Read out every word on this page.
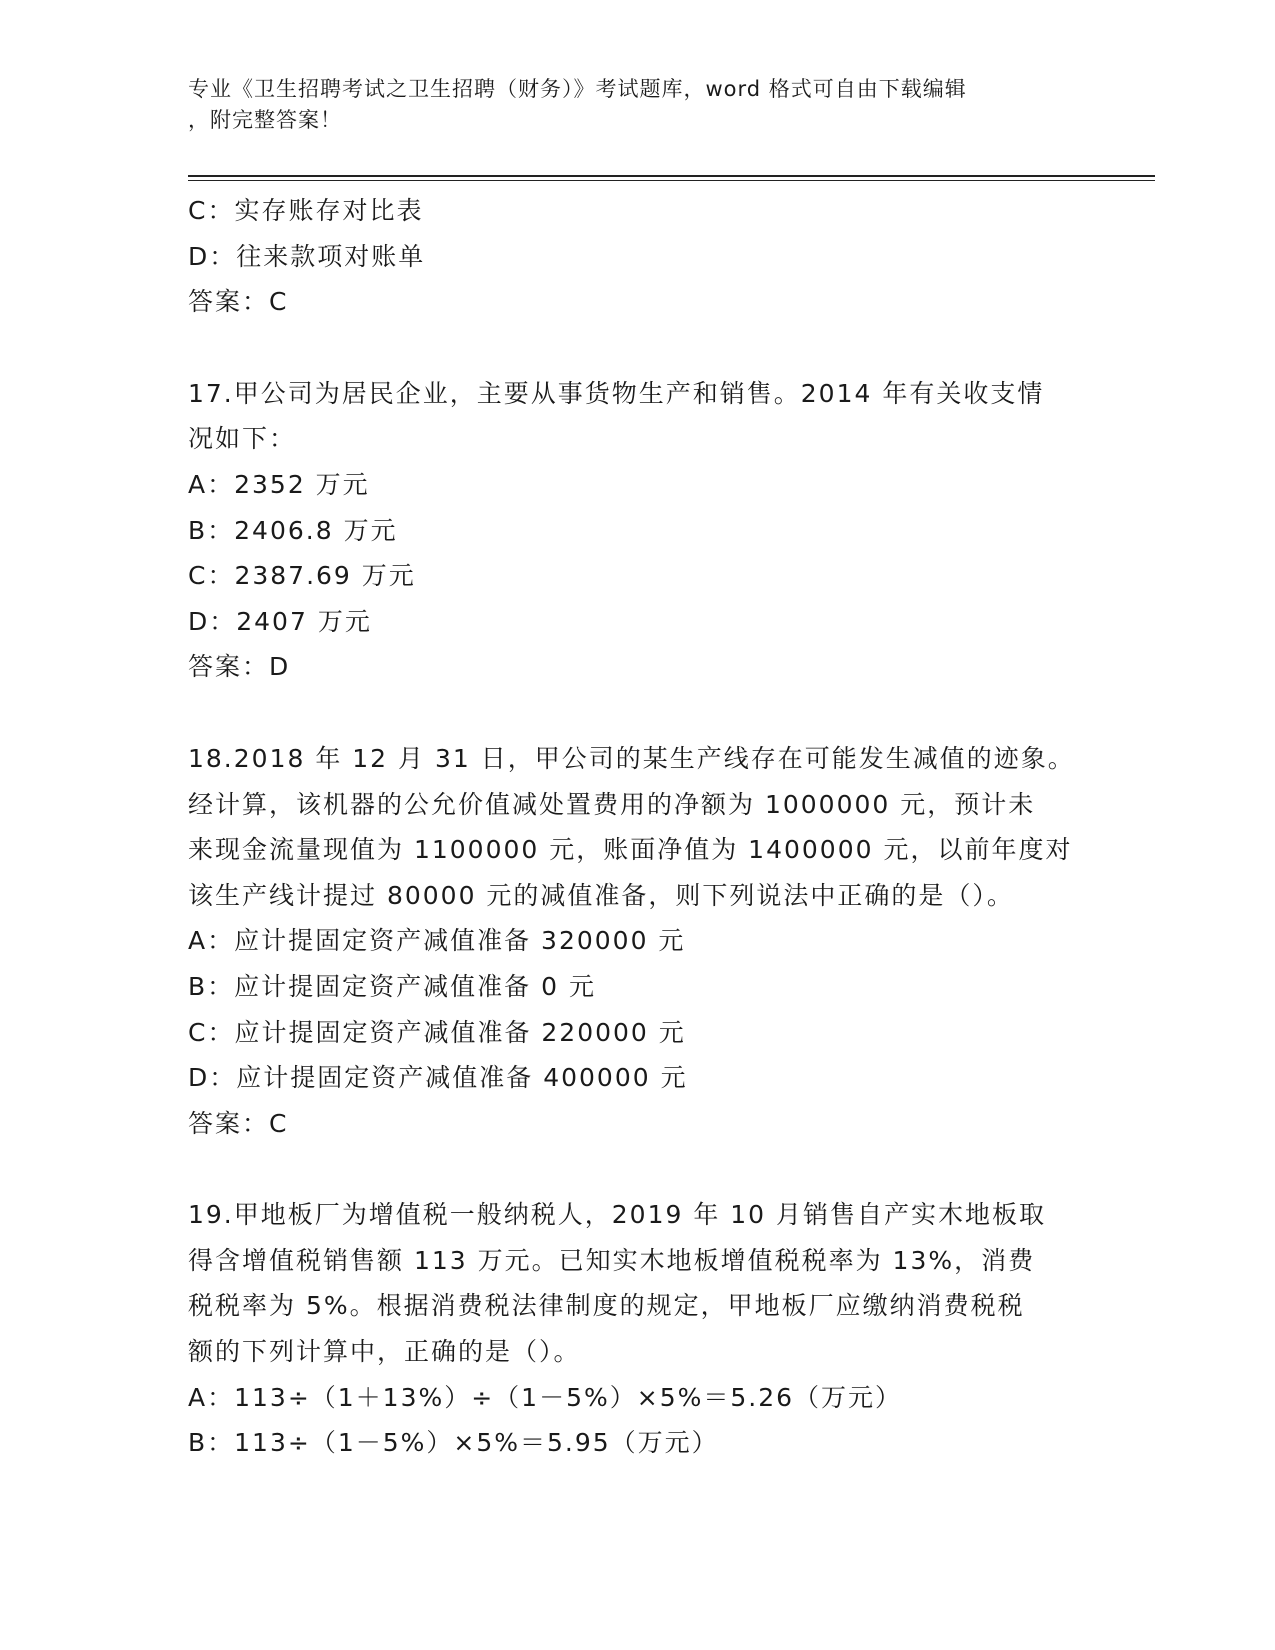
专业《卫生招聘考试之卫生招聘（财务）》考试题库，word 格式可自由下载编辑
，附完整答案！
C：实存账存对比表
D：往来款项对账单
答案：C
17.甲公司为居民企业，主要从事货物生产和销售。2014 年有关收支情
况如下：
A：2352 万元
B：2406.8 万元
C：2387.69 万元
D：2407 万元
答案：D
18.2018 年 12 月 31 日，甲公司的某生产线存在可能发生减值的迹象。
经计算，该机器的公允价值减处置费用的净额为 1000000 元，预计未
来现金流量现值为 1100000 元，账面净值为 1400000 元，以前年度对
该生产线计提过 80000 元的减值准备，则下列说法中正确的是（）。
A：应计提固定资产减值准备 320000 元
B：应计提固定资产减值准备 0 元
C：应计提固定资产减值准备 220000 元
D：应计提固定资产减值准备 400000 元
答案：C
19.甲地板厂为增值税一般纳税人，2019 年 10 月销售自产实木地板取
得含增值税销售额 113 万元。已知实木地板增值税税率为 13%，消费
税税率为 5%。根据消费税法律制度的规定，甲地板厂应缴纳消费税税
额的下列计算中，正确的是（）。
A：113÷（1＋13%）÷（1－5%）×5%＝5.26（万元）
B：113÷（1－5%）×5%＝5.95（万元）
